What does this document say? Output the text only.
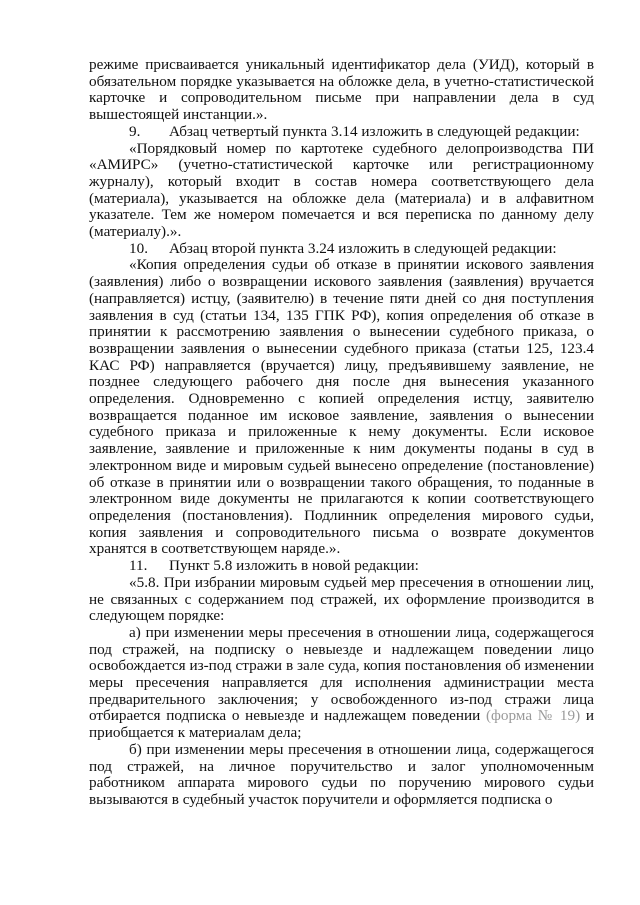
режиме присваивается уникальный идентификатор дела (УИД), который в обязательном порядке указывается на обложке дела, в учетно-статистической карточке и сопроводительном письме при направлении дела в суд вышестоящей инстанции.».

9. Абзац четвертый пункта 3.14 изложить в следующей редакции:

«Порядковый номер по картотеке судебного делопроизводства ПИ «АМИРС» (учетно-статистической карточке или регистрационному журналу), который входит в состав номера соответствующего дела (материала), указывается на обложке дела (материала) и в алфавитном указателе. Тем же номером помечается и вся переписка по данному делу (материалу).».

10. Абзац второй пункта 3.24 изложить в следующей редакции:

«Копия определения судьи об отказе в принятии искового заявления (заявления) либо о возвращении искового заявления (заявления) вручается (направляется) истцу, (заявителю) в течение пяти дней со дня поступления заявления в суд (статьи 134, 135 ГПК РФ), копия определения об отказе в принятии к рассмотрению заявления о вынесении судебного приказа, о возвращении заявления о вынесении судебного приказа (статьи 125, 123.4 КАС РФ) направляется (вручается) лицу, предъявившему заявление, не позднее следующего рабочего дня после дня вынесения указанного определения. Одновременно с копией определения истцу, заявителю возвращается поданное им исковое заявление, заявления о вынесении судебного приказа и приложенные к нему документы. Если исковое заявление, заявление и приложенные к ним документы поданы в суд в электронном виде и мировым судьей вынесено определение (постановление) об отказе в принятии или о возвращении такого обращения, то поданные в электронном виде документы не прилагаются к копии соответствующего определения (постановления). Подлинник определения мирового судьи, копия заявления и сопроводительного письма о возврате документов хранятся в соответствующем наряде.».

11. Пункт 5.8 изложить в новой редакции:

«5.8. При избрании мировым судьей мер пресечения в отношении лиц, не связанных с содержанием под стражей, их оформление производится в следующем порядке:

а) при изменении меры пресечения в отношении лица, содержащегося под стражей, на подписку о невыезде и надлежащем поведении лицо освобождается из-под стражи в зале суда, копия постановления об изменении меры пресечения направляется для исполнения администрации места предварительного заключения; у освобожденного из-под стражи лица отбирается подписка о невыезде и надлежащем поведении (форма № 19) и приобщается к материалам дела;

б) при изменении меры пресечения в отношении лица, содержащегося под стражей, на личное поручительство и залог уполномоченным работником аппарата мирового судьи по поручению мирового судьи вызываются в судебный участок поручители и оформляется подписка о
